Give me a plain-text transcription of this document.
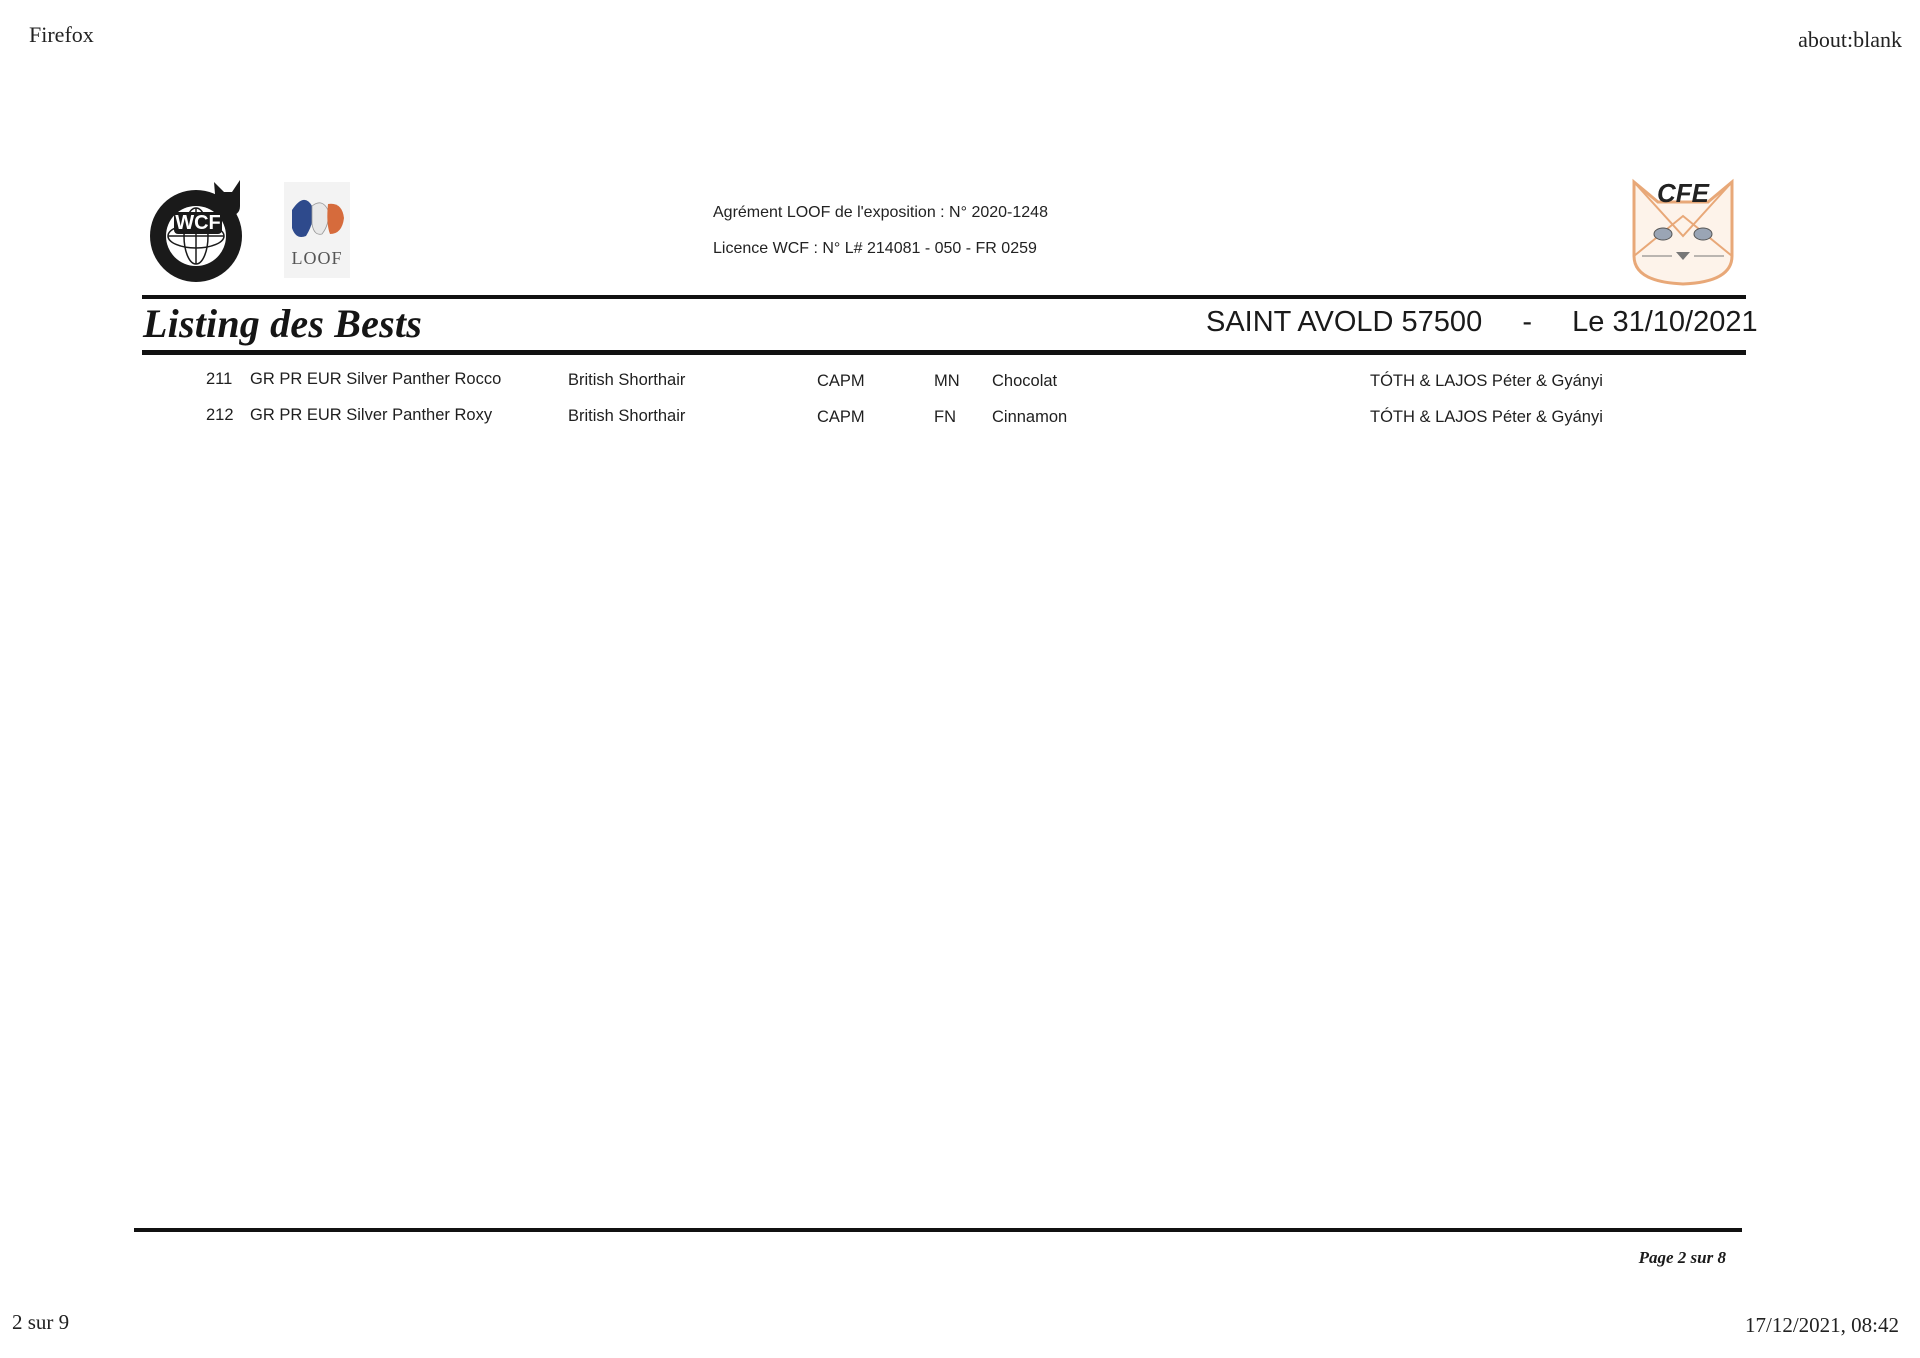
Firefox	about:blank
WCF
LOOF
Agrément LOOF de l'exposition : N° 2020-1248
Licence WCF : N° L# 214081 - 050 - FR 0259
CFE
Listing des Bests	SAINT AVOLD 57500 - Le 31/10/2021
211 GR PR EUR Silver Panther Rocco	British Shorthair	CAPM	MN Chocolat	TÓTH & LAJOS Péter & Gyányi
212 GR PR EUR Silver Panther Roxy	British Shorthair	CAPM	FN Cinnamon	TÓTH & LAJOS Péter & Gyányi
Page 2 sur 8
2 sur 9	17/12/2021, 08:42
